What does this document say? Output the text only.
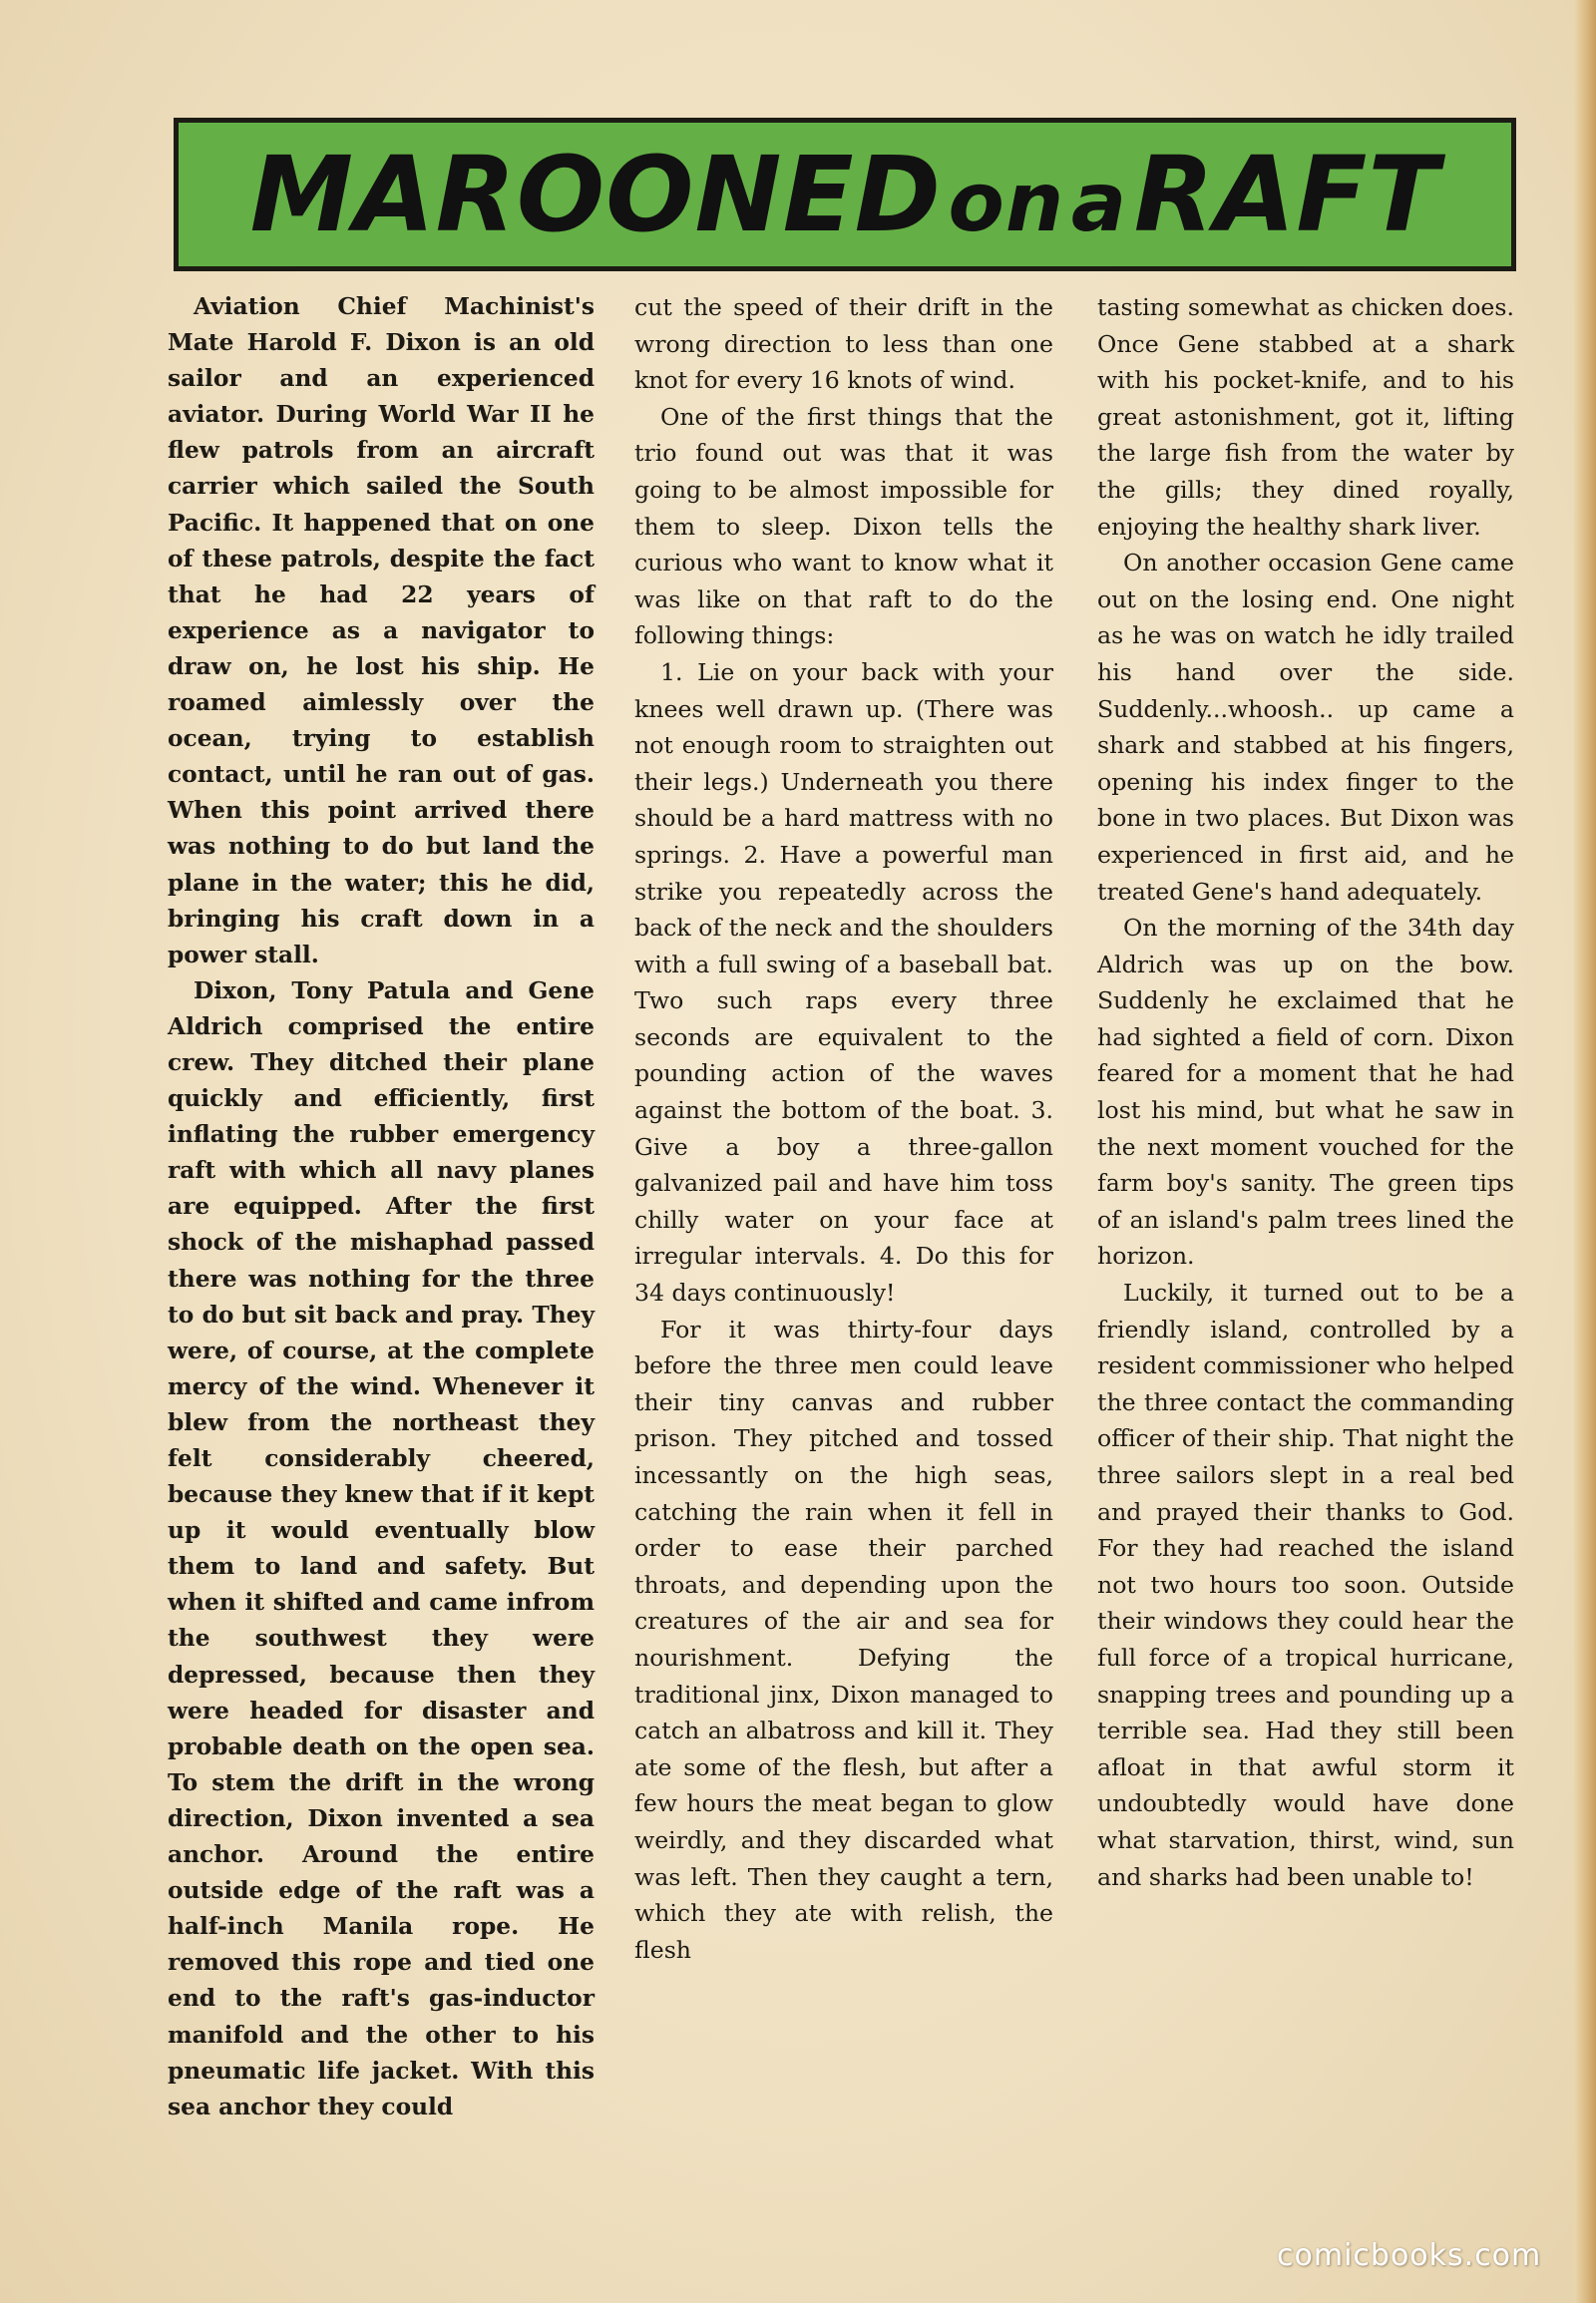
MAROONED on a RAFT

Aviation Chief Machinist's Mate Harold F. Dixon is an old sailor and an experienced aviator. During World War II he flew patrols from an aircraft carrier which sailed the South Pacific. It happened that on one of these patrols, despite the fact that he had 22 years of experience as a navigator to draw on, he lost his ship. He roamed aimlessly over the ocean, trying to establish contact, until he ran out of gas. When this point arrived there was nothing to do but land the plane in the water; this he did, bringing his craft down in a power stall.

Dixon, Tony Patula and Gene Aldrich comprised the entire crew. They ditched their plane quickly and efficiently, first inflating the rubber emergency raft with which all navy planes are equipped. After the first shock of the mishaphad passed there was nothing for the three to do but sit back and pray. They were, of course, at the complete mercy of the wind. Whenever it blew from the northeast they felt considerably cheered, because they knew that if it kept up it would eventually blow them to land and safety. But when it shifted and came infrom the southwest they were depressed, because then they were headed for disaster and probable death on the open sea. To stem the drift in the wrong direction, Dixon invented a sea anchor. Around the entire outside edge of the raft was a half-inch Manila rope. He removed this rope and tied one end to the raft's gas-inductor manifold and the other to his pneumatic life jacket. With this sea anchor they could

cut the speed of their drift in the wrong direction to less than one knot for every 16 knots of wind.

One of the first things that the trio found out was that it was going to be almost impossible for them to sleep. Dixon tells the curious who want to know what it was like on that raft to do the following things:

1. Lie on your back with your knees well drawn up. (There was not enough room to straighten out their legs.) Underneath you there should be a hard mattress with no springs. 2. Have a powerful man strike you repeatedly across the back of the neck and the shoulders with a full swing of a baseball bat. Two such raps every three seconds are equivalent to the pounding action of the waves against the bottom of the boat. 3. Give a boy a three-gallon galvanized pail and have him toss chilly water on your face at irregular intervals. 4. Do this for 34 days continuously!

For it was thirty-four days before the three men could leave their tiny canvas and rubber prison. They pitched and tossed incessantly on the high seas, catching the rain when it fell in order to ease their parched throats, and depending upon the creatures of the air and sea for nourishment. Defying the traditional jinx, Dixon managed to catch an albatross and kill it. They ate some of the flesh, but after a few hours the meat began to glow weirdly, and they discarded what was left. Then they caught a tern, which they ate with relish, the flesh

tasting somewhat as chicken does. Once Gene stabbed at a shark with his pocket-knife, and to his great astonishment, got it, lifting the large fish from the water by the gills; they dined royally, enjoying the healthy shark liver.

On another occasion Gene came out on the losing end. One night as he was on watch he idly trailed his hand over the side. Suddenly...whoosh.. up came a shark and stabbed at his fingers, opening his index finger to the bone in two places. But Dixon was experienced in first aid, and he treated Gene's hand adequately.

On the morning of the 34th day Aldrich was up on the bow. Suddenly he exclaimed that he had sighted a field of corn. Dixon feared for a moment that he had lost his mind, but what he saw in the next moment vouched for the farm boy's sanity. The green tips of an island's palm trees lined the horizon.

Luckily, it turned out to be a friendly island, controlled by a resident commissioner who helped the three contact the commanding officer of their ship. That night the three sailors slept in a real bed and prayed their thanks to God. For they had reached the island not two hours too soon. Outside their windows they could hear the full force of a tropical hurricane, snapping trees and pounding up a terrible sea. Had they still been afloat in that awful storm it undoubtedly would have done what starvation, thirst, wind, sun and sharks had been unable to!

comicbooks.com
